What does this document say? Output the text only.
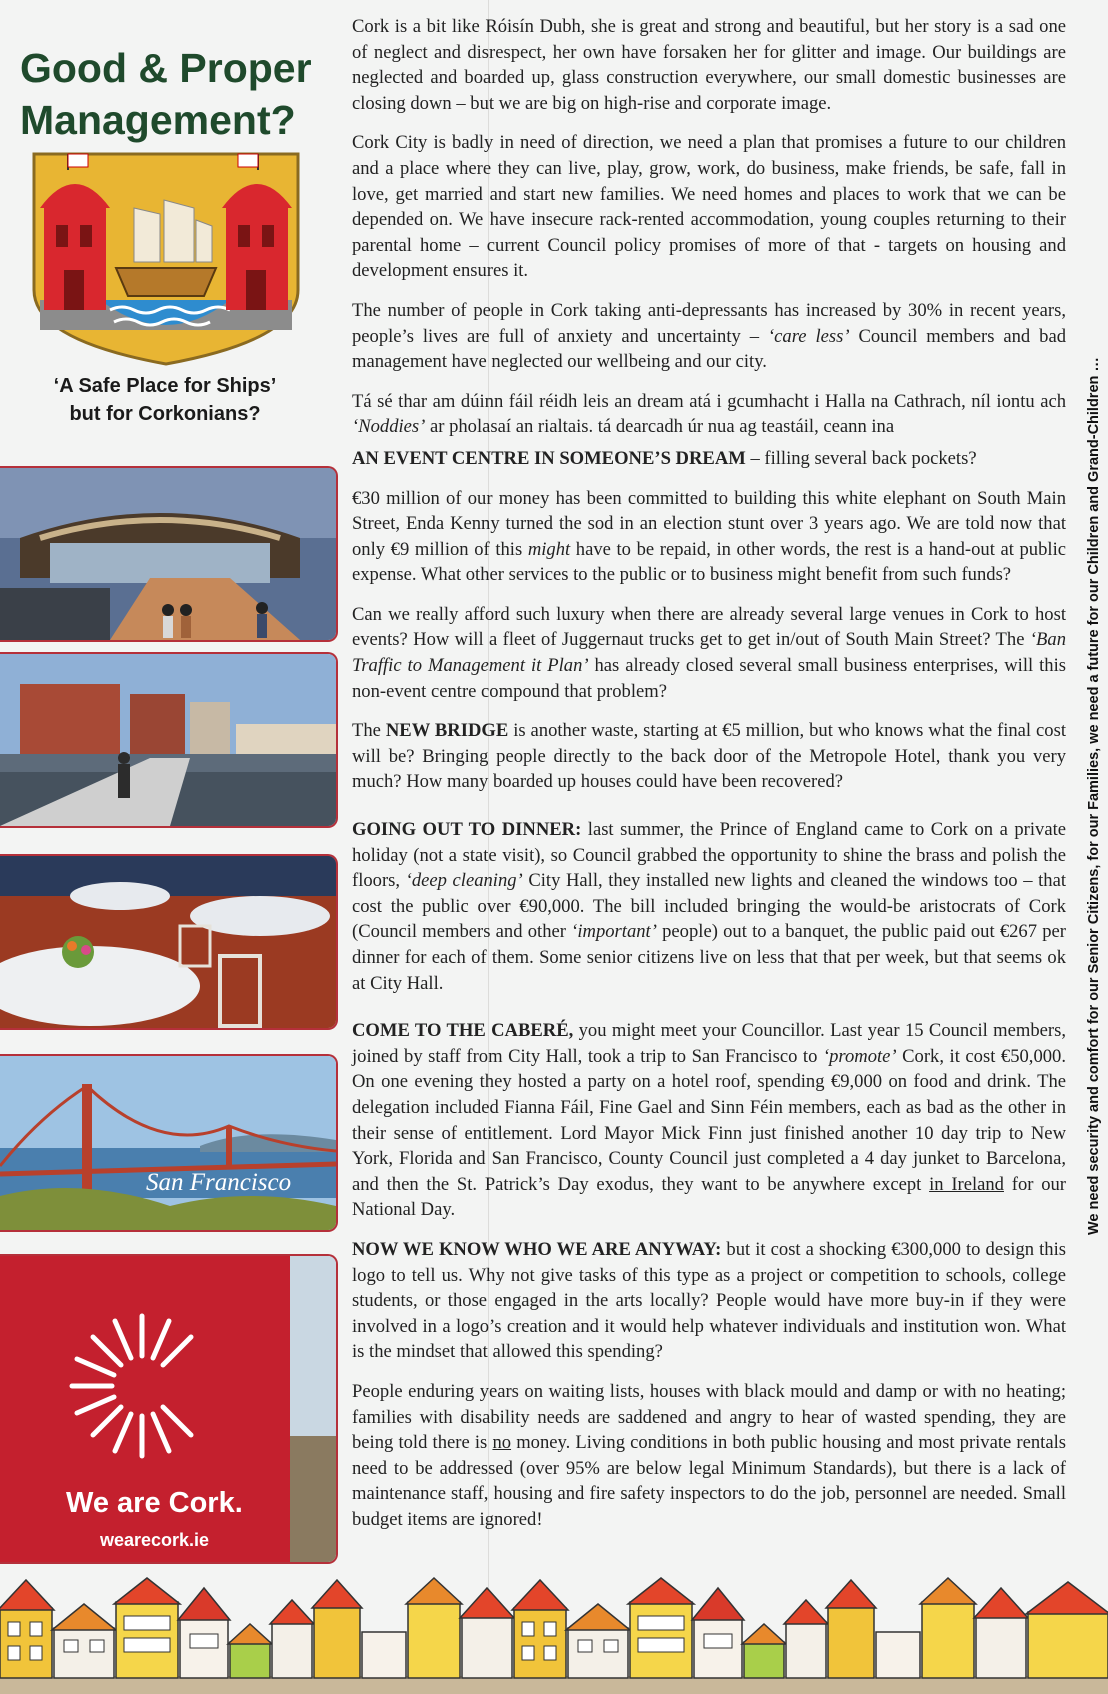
Good & Proper Management?
‘A Safe Place for Ships’
but for Corkonians?
San Francisco
We are Cork.
wearecork.ie

Cork is a bit like Róisín Dubh, she is great and strong and beautiful, but her story is a sad one of neglect and disrespect, her own have forsaken her for glitter and image. Our buildings are neglected and boarded up, glass construction everywhere, our small domestic businesses are closing down – but we are big on high-rise and corporate image.

Cork City is badly in need of direction, we need a plan that promises a future to our children and a place where they can live, play, grow, work, do business, make friends, be safe, fall in love, get married and start new families. We need homes and places to work that we can be depended on. We have insecure rack-rented accommodation, young couples returning to their parental home – current Council policy promises of more of that - targets on housing and development ensures it.

The number of people in Cork taking anti-depressants has increased by 30% in recent years, people’s lives are full of anxiety and uncertainty – ‘care less’ Council members and bad management have neglected our wellbeing and our city.

Tá sé thar am dúinn fáil réidh leis an dream atá i gcumhacht i Halla na Cathrach, níl iontu ach ‘Noddies’ ar pholasaí an rialtais. tá dearcadh úr nua ag teastáil, ceann ina

AN EVENT CENTRE IN SOMEONE’S DREAM – filling several back pockets?

€30 million of our money has been committed to building this white elephant on South Main Street, Enda Kenny turned the sod in an election stunt over 3 years ago. We are told now that only €9 million of this might have to be repaid, in other words, the rest is a hand-out at public expense. What other services to the public or to business might benefit from such funds?

Can we really afford such luxury when there are already several large venues in Cork to host events? How will a fleet of Juggernaut trucks get to get in/out of South Main Street? The ‘Ban Traffic to Management it Plan’ has already closed several small business enterprises, will this non-event centre compound that problem?

The NEW BRIDGE is another waste, starting at €5 million, but who knows what the final cost will be? Bringing people directly to the back door of the Metropole Hotel, thank you very much? How many boarded up houses could have been recovered?

GOING OUT TO DINNER: last summer, the Prince of England came to Cork on a private holiday (not a state visit), so Council grabbed the opportunity to shine the brass and polish the floors, ‘deep cleaning’ City Hall, they installed new lights and cleaned the windows too – that cost the public over €90,000. The bill included bringing the would-be aristocrats of Cork (Council members and other ‘important’ people) out to a banquet, the public paid out €267 per dinner for each of them. Some senior citizens live on less that that per week, but that seems ok at City Hall.

COME TO THE CABERÉ, you might meet your Councillor. Last year 15 Council members, joined by staff from City Hall, took a trip to San Francisco to ‘promote’ Cork, it cost €50,000. On one evening they hosted a party on a hotel roof, spending €9,000 on food and drink. The delegation included Fianna Fáil, Fine Gael and Sinn Féin members, each as bad as the other in their sense of entitlement. Lord Mayor Mick Finn just finished another 10 day trip to New York, Florida and San Francisco, County Council just completed a 4 day junket to Barcelona, and then the St. Patrick’s Day exodus, they want to be anywhere except in Ireland for our National Day.

NOW WE KNOW WHO WE ARE ANYWAY: but it cost a shocking €300,000 to design this logo to tell us. Why not give tasks of this type as a project or competition to schools, college students, or those engaged in the arts locally? People would have more buy-in if they were involved in a logo’s creation and it would help whatever individuals and institution won. What is the mindset that allowed this spending?

People enduring years on waiting lists, houses with black mould and damp or with no heating; families with disability needs are saddened and angry to hear of wasted spending, they are being told there is no money. Living conditions in both public housing and most private rentals need to be addressed (over 95% are below legal Minimum Standards), but there is a lack of maintenance staff, housing and fire safety inspectors to do the job, personnel are needed. Small budget items are ignored!

We need security and comfort for our Senior Citizens, for our Families, we need a future for our Children and Grand-Children …
